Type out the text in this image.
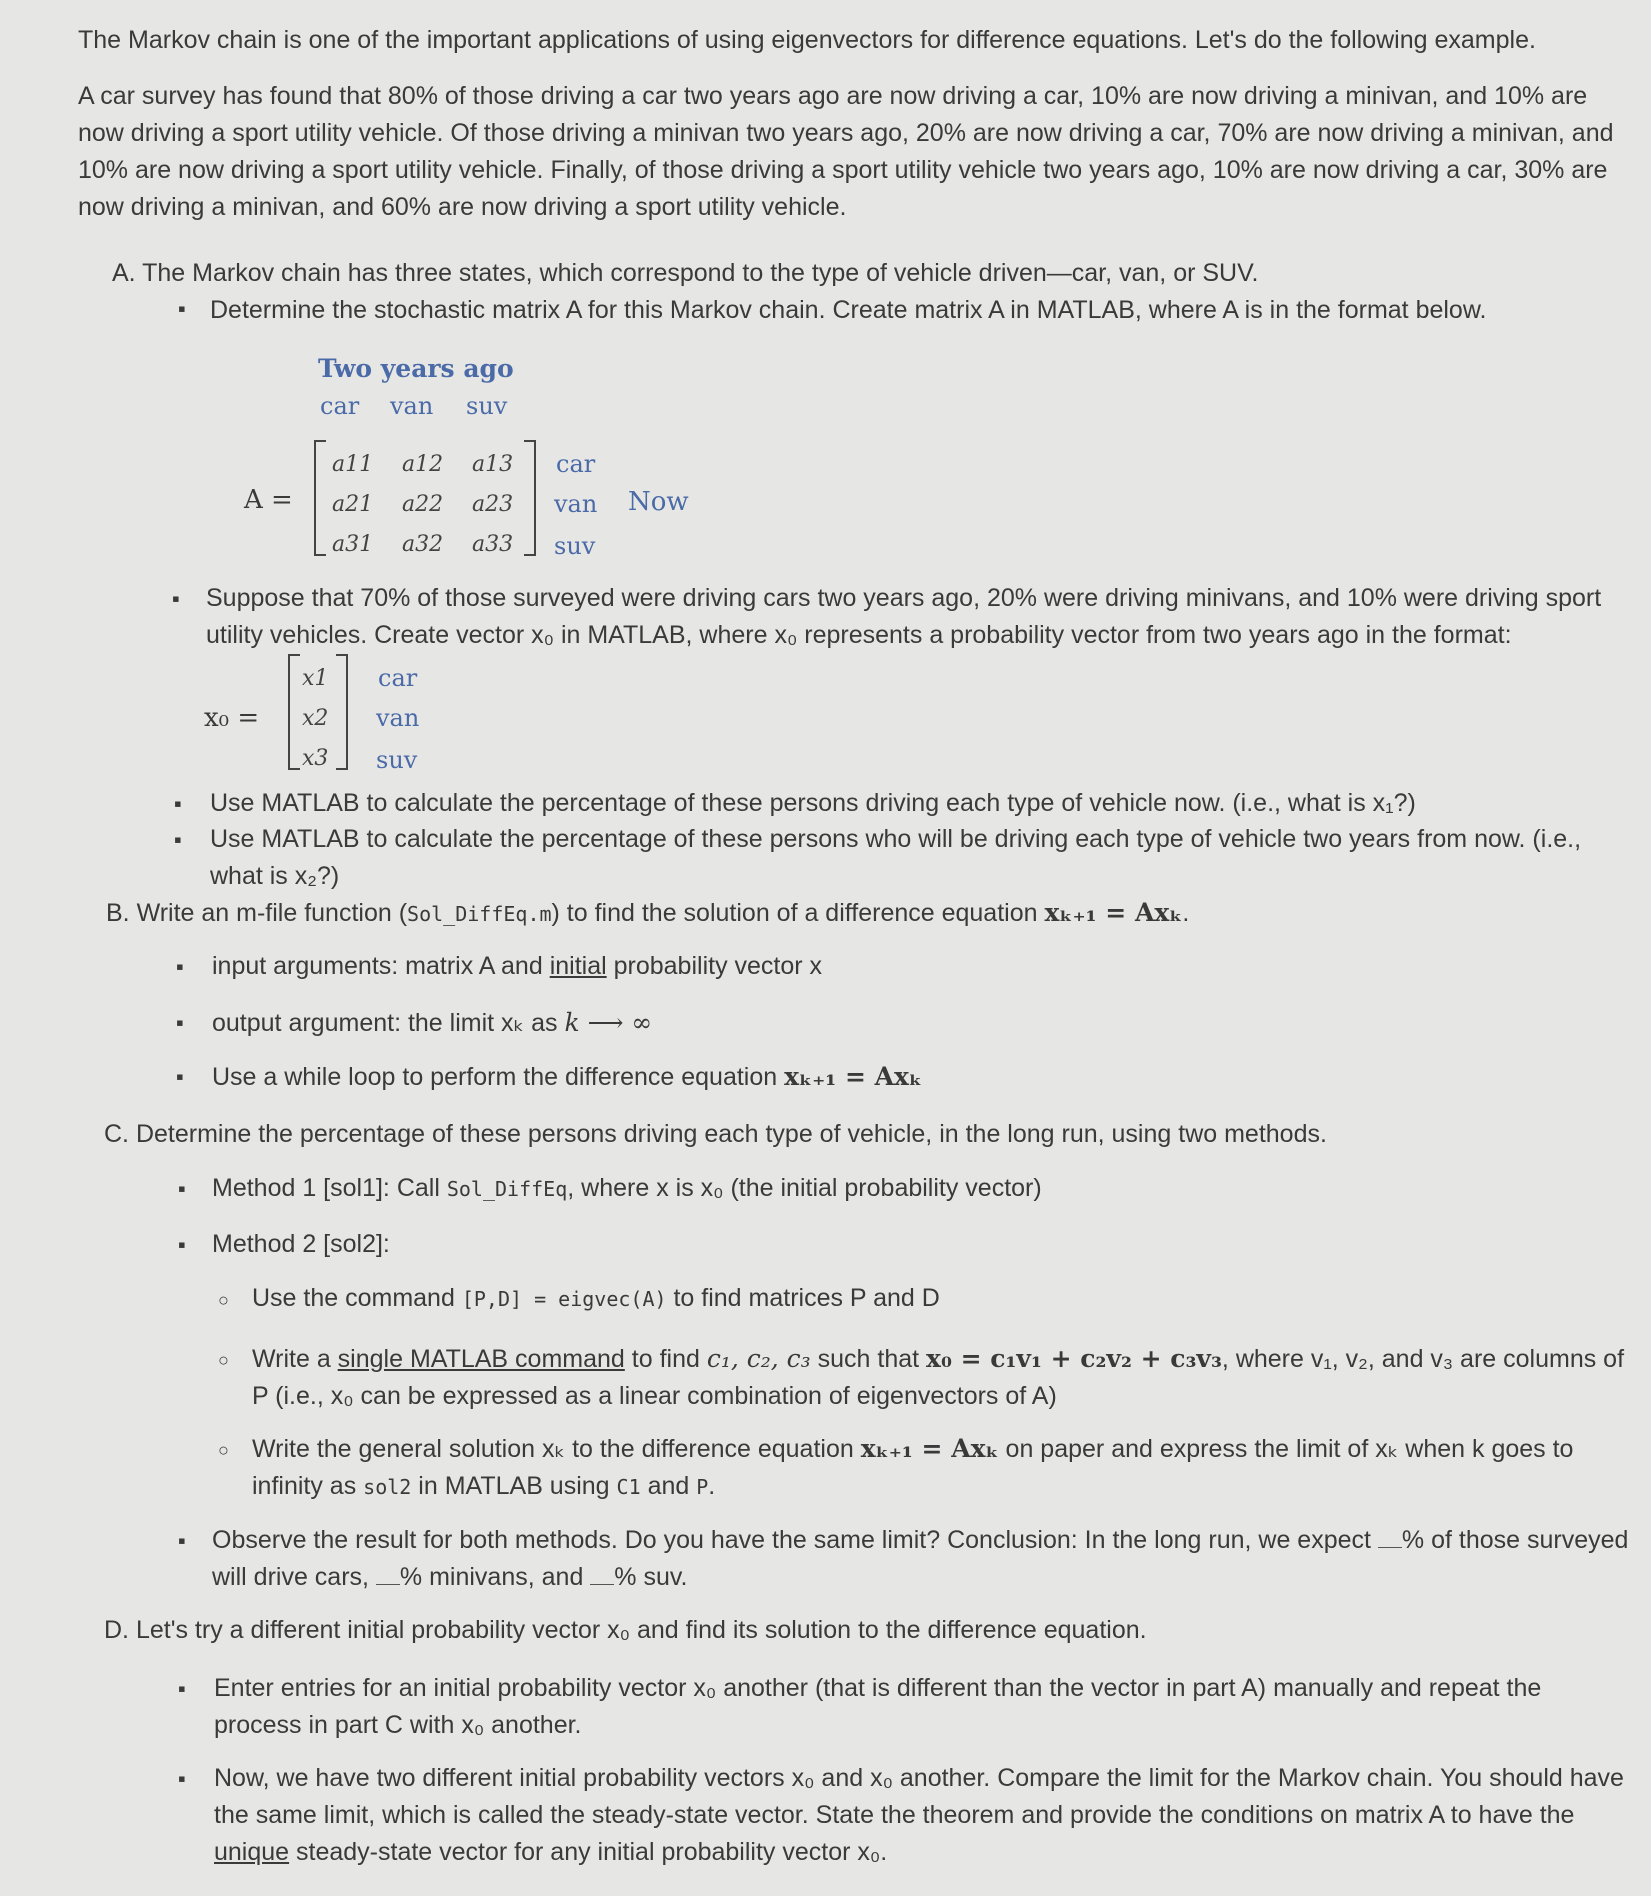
The Markov chain is one of the important applications of using eigenvectors for difference equations. Let's do the following example.

A car survey has found that 80% of those driving a car two years ago are now driving a car, 10% are now driving a minivan, and 10% are now driving a sport utility vehicle. Of those driving a minivan two years ago, 20% are now driving a car, 70% are now driving a minivan, and 10% are now driving a sport utility vehicle. Finally, of those driving a sport utility vehicle two years ago, 10% are now driving a car, 30% are now driving a minivan, and 60% are now driving a sport utility vehicle.

A. The Markov chain has three states, which correspond to the type of vehicle driven—car, van, or SUV.

▪ Determine the stochastic matrix A for this Markov chain. Create matrix A in MATLAB, where A is in the format below.

Two years ago
car van suv
A =
a11 a12 a13
a21 a22 a23
a31 a32 a33
car
van
suv
Now
▪ Suppose that 70% of those surveyed were driving cars two years ago, 20% were driving minivans, and 10% were driving sport utility vehicles. Create vector x₀ in MATLAB, where x₀ represents a probability vector from two years ago in the format:

x₀ =
x1
x2
x3
car
van
suv
▪ Use MATLAB to calculate the percentage of these persons driving each type of vehicle now. (i.e., what is x₁?)

▪ Use MATLAB to calculate the percentage of these persons who will be driving each type of vehicle two years from now. (i.e., what is x₂?)

B. Write an m-file function (Sol_DiffEq.m) to find the solution of a difference equation xₖ₊₁ = Axₖ.

▪ input arguments: matrix A and initial probability vector x

▪ output argument: the limit xₖ as k ⟶ ∞

▪ Use a while loop to perform the difference equation xₖ₊₁ = Axₖ

C. Determine the percentage of these persons driving each type of vehicle, in the long run, using two methods.

▪ Method 1 [sol1]: Call Sol_DiffEq, where x is x₀ (the initial probability vector)

▪ Method 2 [sol2]:

○ Use the command [P,D] = eigvec(A) to find matrices P and D

○ Write a single MATLAB command to find c₁, c₂, c₃ such that x₀ = c₁v₁ + c₂v₂ + c₃v₃, where v₁, v₂, and v₃ are columns of P (i.e., x₀ can be expressed as a linear combination of eigenvectors of A)

○ Write the general solution xₖ to the difference equation xₖ₊₁ = Axₖ on paper and express the limit of xₖ when k goes to infinity as sol2 in MATLAB using C1 and P.

▪ Observe the result for both methods. Do you have the same limit? Conclusion: In the long run, we expect % of those surveyed will drive cars, % minivans, and % suv.

D. Let's try a different initial probability vector x₀ and find its solution to the difference equation.

▪ Enter entries for an initial probability vector x₀ another (that is different than the vector in part A) manually and repeat the process in part C with x₀ another.

▪ Now, we have two different initial probability vectors x₀ and x₀ another. Compare the limit for the Markov chain. You should have the same limit, which is called the steady-state vector. State the theorem and provide the conditions on matrix A to have the unique steady-state vector for any initial probability vector x₀.
